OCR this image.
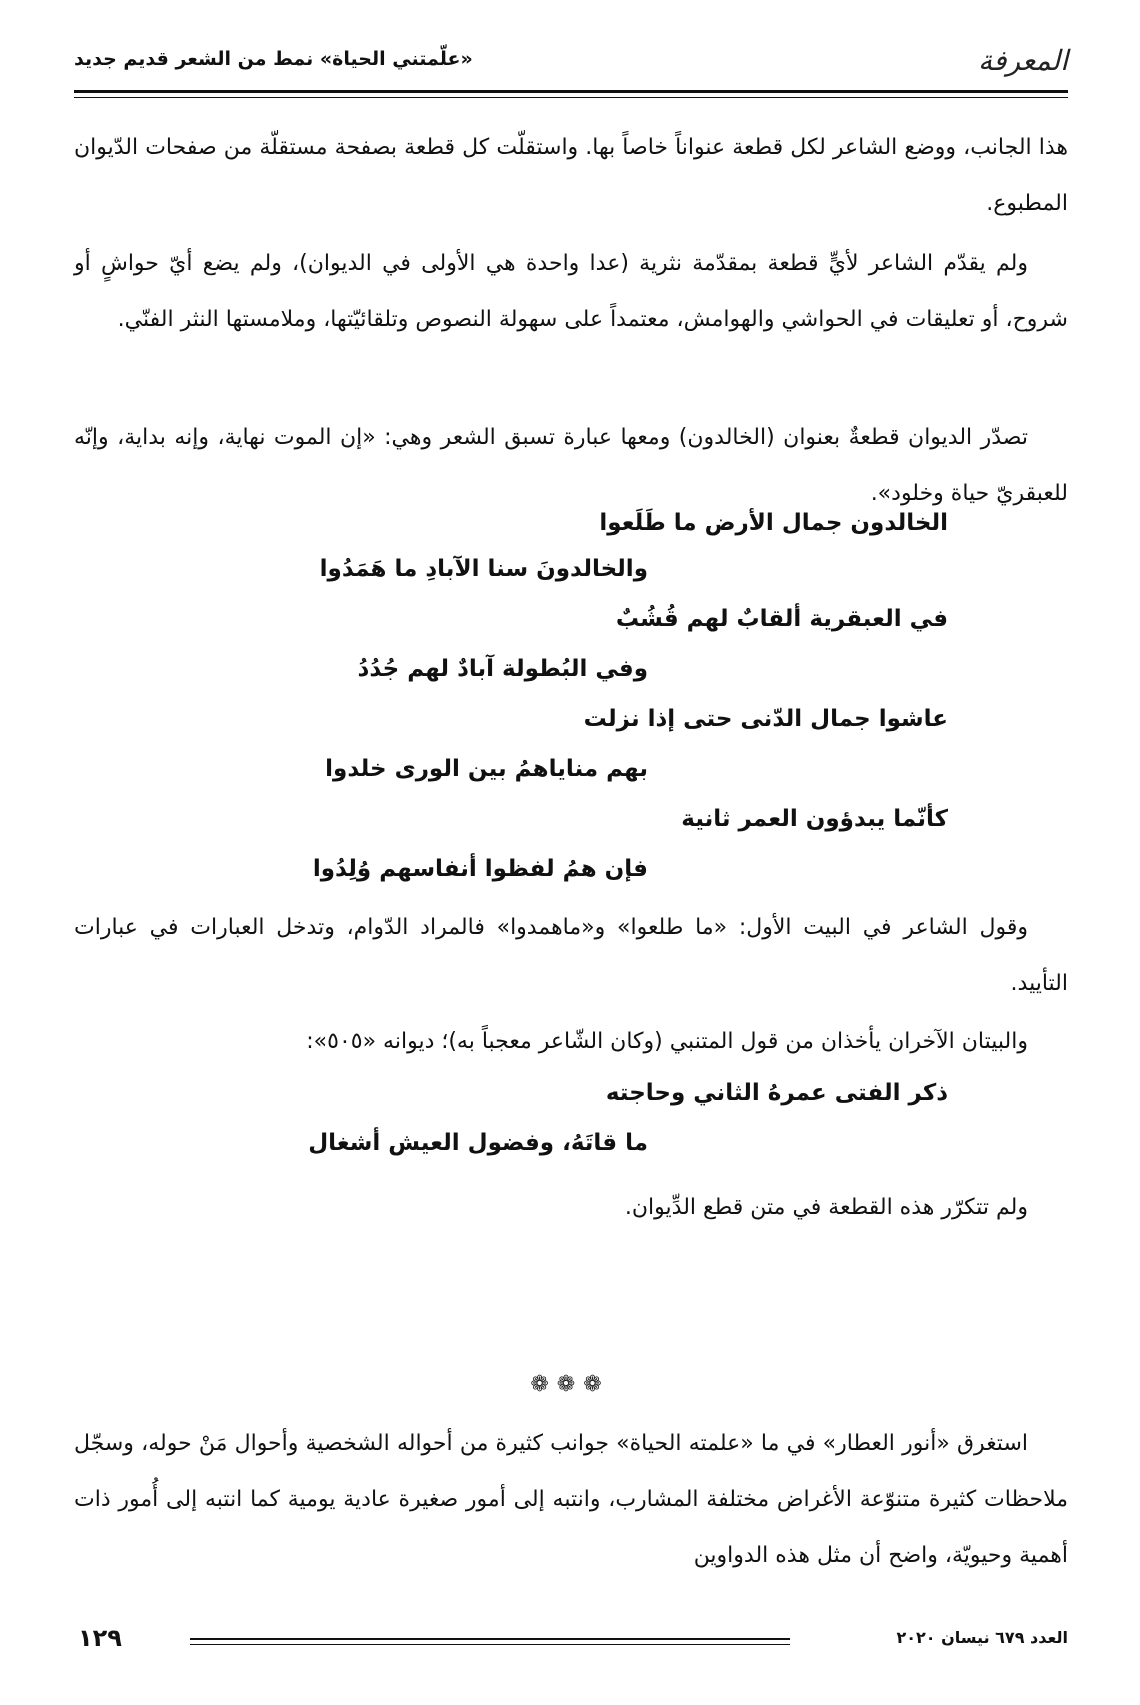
المعرفة
«علّمتني الحياة» نمط من الشعر قديم جديد

هذا الجانب، ووضع الشاعر لكل قطعة عنواناً خاصاً بها. واستقلّت كل قطعة بصفحة مستقلّة من صفحات الدّيوان المطبوع.

ولم يقدّم الشاعر لأيٍّ قطعة بمقدّمة نثرية (عدا واحدة هي الأولى في الديوان)، ولم يضع أيّ حواشٍ أو شروح، أو تعليقات في الحواشي والهوامش، معتمداً على سهولة النصوص وتلقائيّتها، وملامستها النثر الفنّي.

تصدّر الديوان قطعةٌ بعنوان (الخالدون) ومعها عبارة تسبق الشعر وهي: «إن الموت نهاية، وإنه بداية، وإنّه للعبقريّ حياة وخلود».

الخالدون جمال الأرض ما طَلَعوا
والخالدونَ سنا الآبادِ ما هَمَدُوا
في العبقرية ألقابٌ لهم قُشُبٌ
وفي البُطولة آبادٌ لهم جُدُدُ
عاشوا جمال الدّنى حتى إذا نزلت
بهم مناياهمُ بين الورى خلدوا
كأنّما يبدؤون العمر ثانية
فإن همُ لفظوا أنفاسهم وُلِدُوا

وقول الشاعر في البيت الأول: «ما طلعوا» و«ماهمدوا» فالمراد الدّوام، وتدخل العبارات في عبارات التأييد.

والبيتان الآخران يأخذان من قول المتنبي (وكان الشّاعر معجباً به)؛ ديوانه «٥٠٥»:

ذكر الفتى عمرهُ الثاني وحاجته
ما قاتَهُ، وفضول العيش أشغال

ولم تتكرّر هذه القطعة في متن قطع الدِّيوان.

❁❁❁

استغرق «أنور العطار» في ما «علمته الحياة» جوانب كثيرة من أحواله الشخصية وأحوال مَنْ حوله، وسجّل ملاحظات كثيرة متنوّعة الأغراض مختلفة المشارب، وانتبه إلى أمور صغيرة عادية يومية كما انتبه إلى أُمور ذات أهمية وحيويّة، واضح أن مثل هذه الدواوين

١٢٩	العدد ٦٧٩ نيسان ٢٠٢٠
